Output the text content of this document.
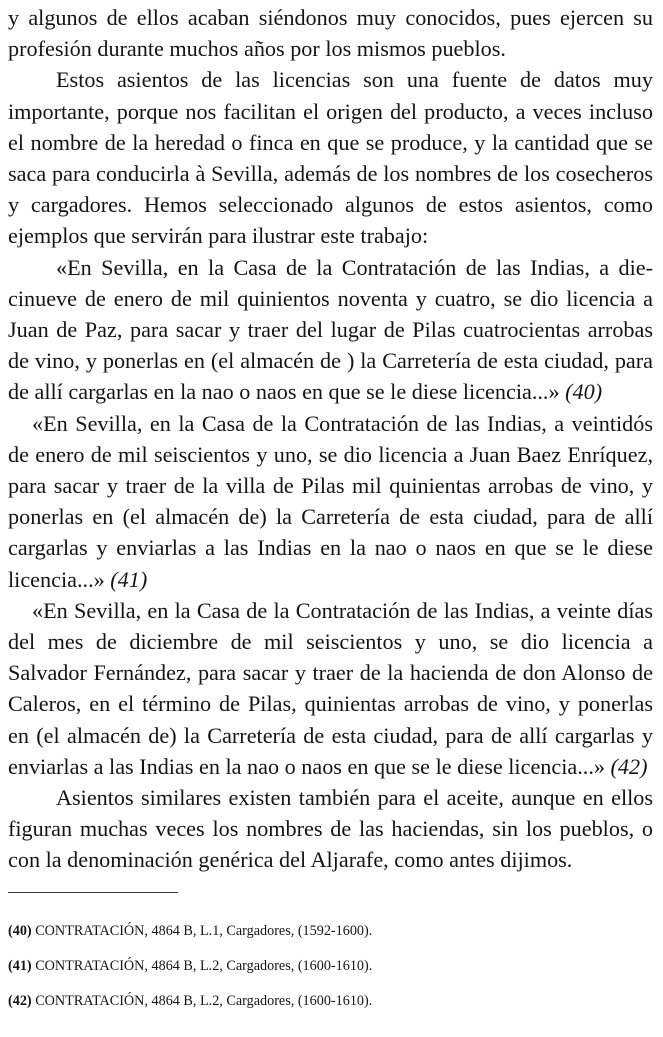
y algunos de ellos acaban siéndonos muy conocidos, pues ejercen su profesión durante muchos años por los mismos pueblos.

Estos asientos de las licencias son una fuente de datos muy importante, porque nos facilitan el origen del producto, a veces incluso el nombre de la heredad o finca en que se produce, y la cantidad que se saca para conducirla à Sevilla, además de los nombres de los cosecheros y cargadores. Hemos seleccionado algunos de estos asientos, como ejemplos que servirán para ilustrar este trabajo:

«En Sevilla, en la Casa de la Contratación de las Indias, a diecinueve de enero de mil quinientos noventa y cuatro, se dio licencia a Juan de Paz, para sacar y traer del lugar de Pilas cuatrocientas arrobas de vino, y ponerlas en (el almacén de ) la Carretería de esta ciudad, para de allí cargarlas en la nao o naos en que se le diese licencia...» (40)

«En Sevilla, en la Casa de la Contratación de las Indias, a veintidós de enero de mil seiscientos y uno, se dio licencia a Juan Baez Enríquez, para sacar y traer de la villa de Pilas mil quinientas arrobas de vino, y ponerlas en (el almacén de) la Carretería de esta ciudad, para de allí cargarlas y enviarlas a las Indias en la nao o naos en que se le diese licencia...» (41)

«En Sevilla, en la Casa de la Contratación de las Indias, a veinte días del mes de diciembre de mil seiscientos y uno, se dio licencia a Salvador Fernández, para sacar y traer de la hacienda de don Alonso de Caleros, en el término de Pilas, quinientas arrobas de vino, y ponerlas en (el almacén de) la Carretería de esta ciudad, para de allí cargarlas y enviarlas a las Indias en la nao o naos en que se le diese licencia...» (42)

Asientos similares existen también para el aceite, aunque en ellos figuran muchas veces los nombres de las haciendas, sin los pueblos, o con la denominación genérica del Aljarafe, como antes dijimos.

(40) CONTRATACIÓN, 4864 B, L.1, Cargadores, (1592-1600).

(41) CONTRATACIÓN, 4864 B, L.2, Cargadores, (1600-1610).

(42) CONTRATACIÓN, 4864 B, L.2, Cargadores, (1600-1610).
